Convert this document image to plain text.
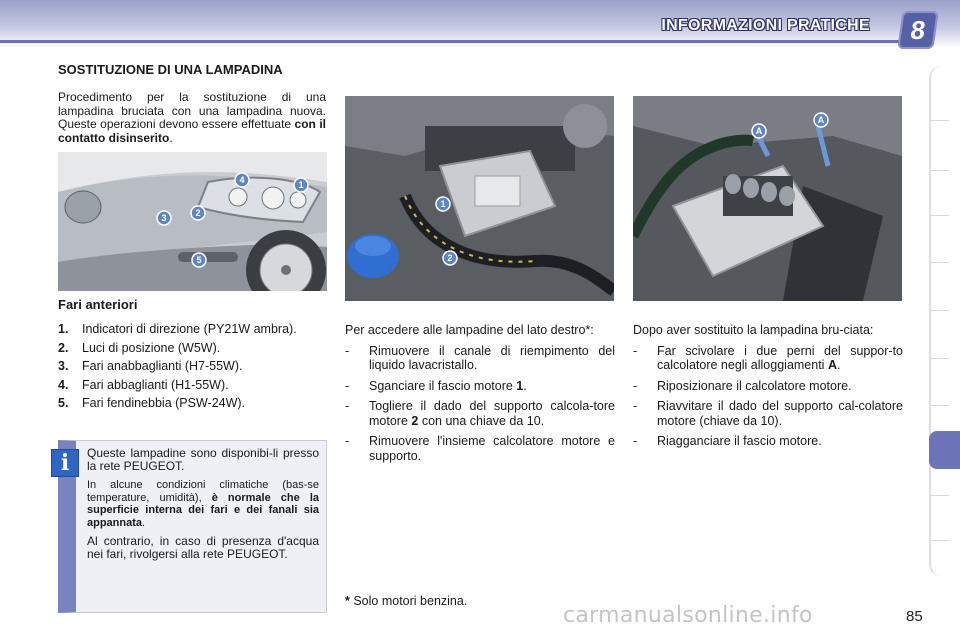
INFORMAZIONI PRATICHE	8
SOSTITUZIONE DI UNA LAMPADINA
Procedimento per la sostituzione di una lampadina bruciata con una lampadina nuova. Queste operazioni devono essere effettuate con il contatto disinserito.
4	1
2
3
5
Fari anteriori
1.	Indicatori di direzione (PY21W ambra).
2.	Luci di posizione (W5W).
3.	Fari anabbaglianti (H7-55W).
4.	Fari abbaglianti (H1-55W).
5.	Fari fendinebbia (PSW-24W).
i	Queste lampadine sono disponibi-li presso la rete PEUGEOT.

In alcune condizioni climatiche (bas-se temperature, umidità), è normale che la superficie interna dei fari e dei fanali sia appannata.

Al contrario, in caso di presenza d'acqua nei fari, rivolgersi alla rete PEUGEOT.

1
2
A
A

Per accedere alle lampadine del lato destro*:

-	Rimuovere il canale di riempimento del liquido lavacristallo.
-	Sganciare il fascio motore 1.
-	Togliere il dado del supporto calcola-tore motore 2 con una chiave da 10.
-	Rimuovere l'insieme calcolatore motore e supporto.

Dopo aver sostituito la lampadina bru-ciata:

-	Far scivolare i due perni del suppor-to calcolatore negli alloggiamenti A.
-	Riposizionare il calcolatore motore.
-	Riavvitare il dado del supporto cal-colatore motore (chiave da 10).
-	Riagganciare il fascio motore.
* Solo motori benzina.
carmanualsonline.info	85
